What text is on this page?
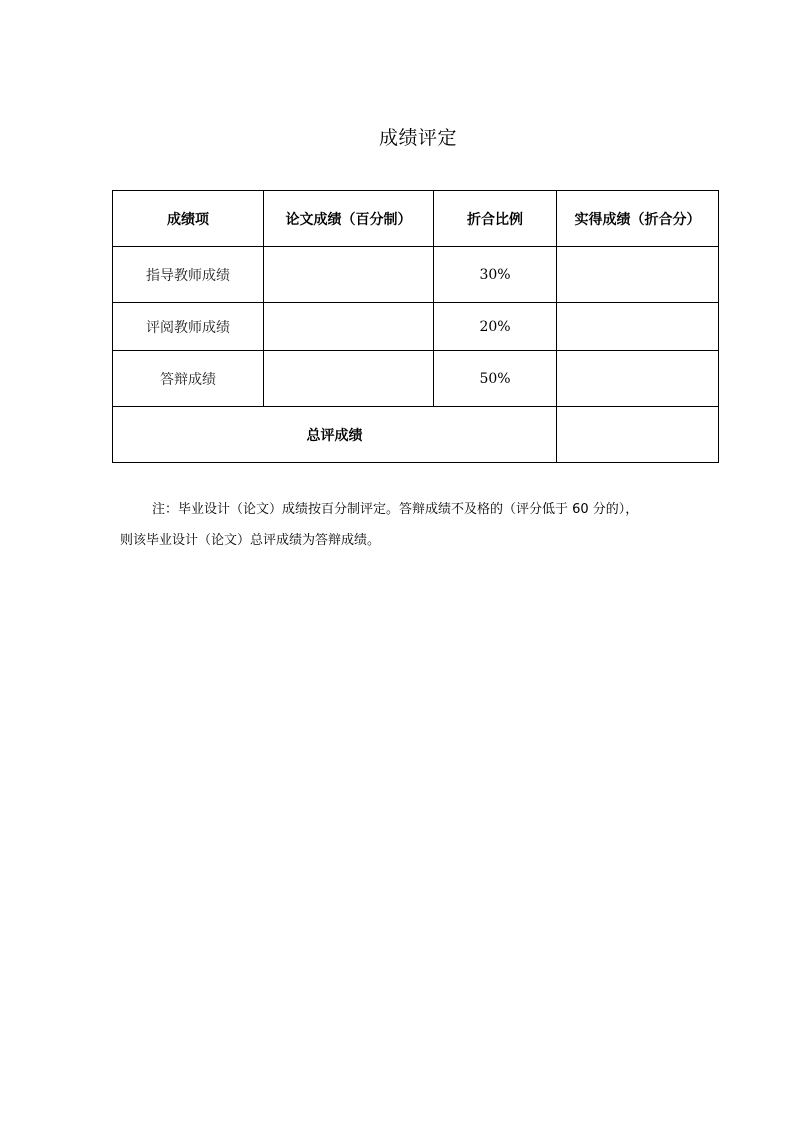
成绩评定
成绩项	论文成绩（百分制）	折合比例	实得成绩（折合分）
指导教师成绩		30%	
评阅教师成绩		20%	
答辩成绩		50%	
总评成绩			
注：毕业设计（论文）成绩按百分制评定。答辩成绩不及格的（评分低于 60 分的），
则该毕业设计（论文）总评成绩为答辩成绩。
